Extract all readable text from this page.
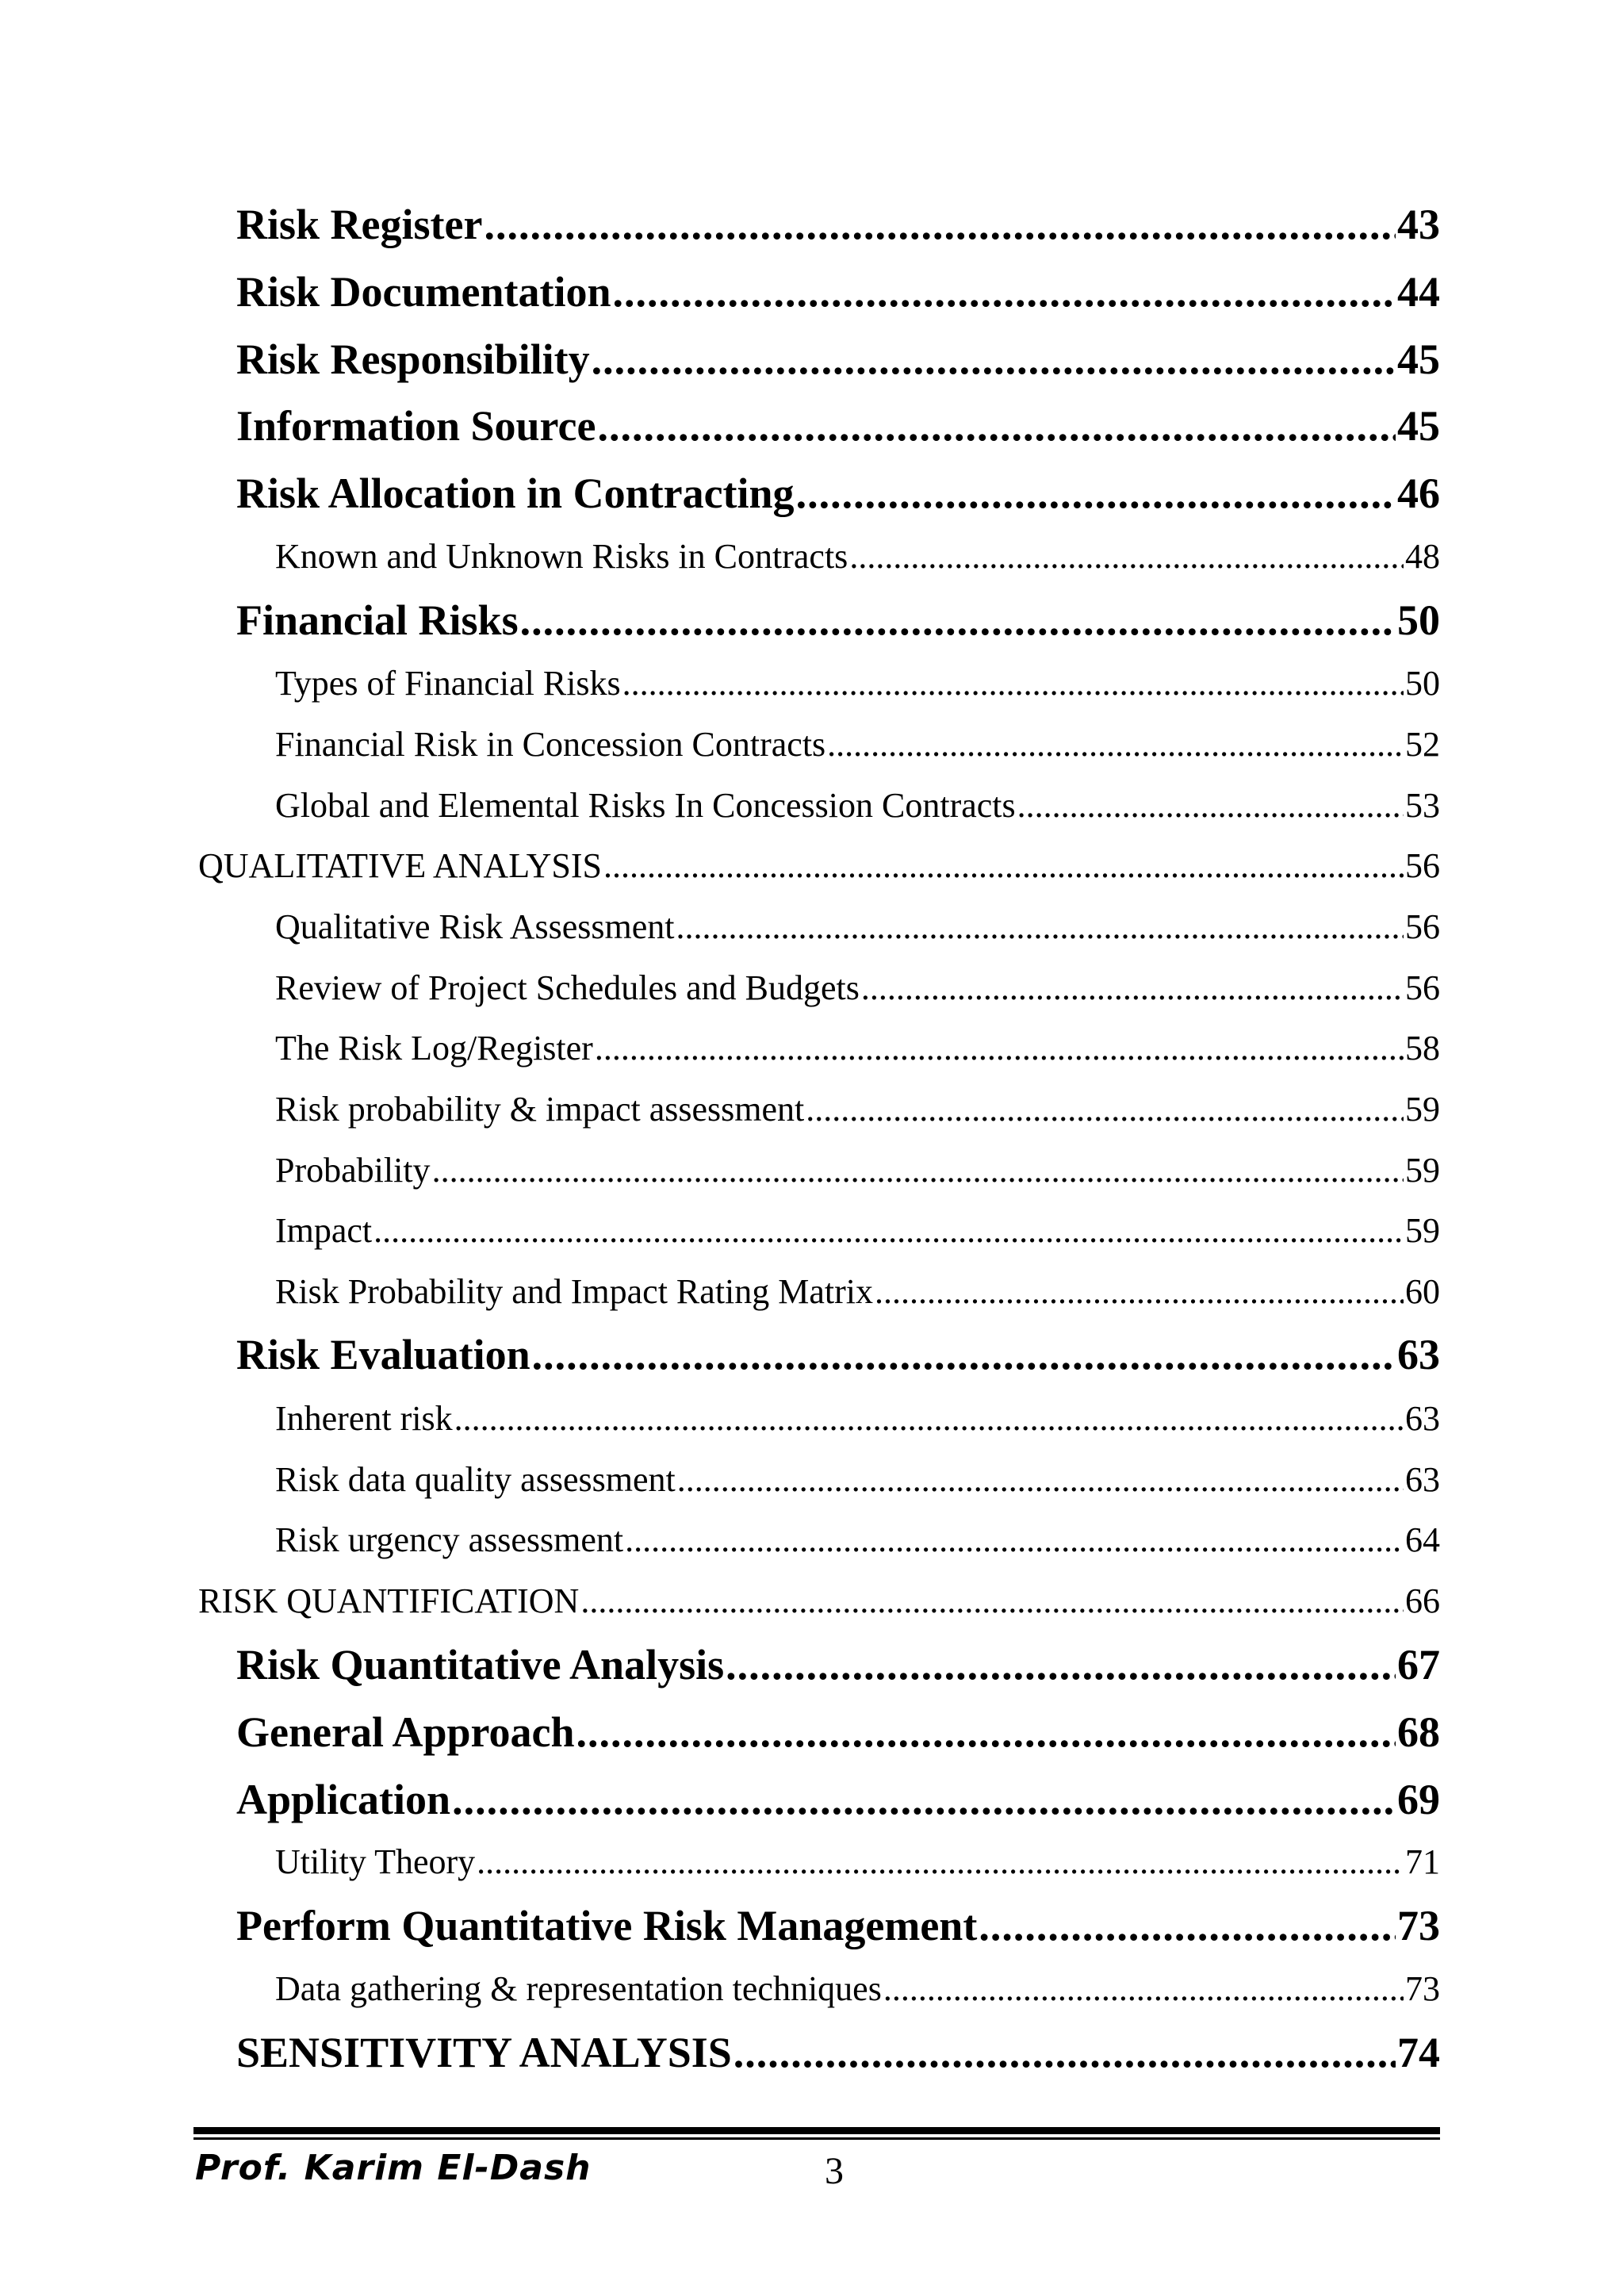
Risk Register .....	43
Risk Documentation .....	44
Risk Responsibility .....	45
Information Source .....	45
Risk Allocation in Contracting .....	46
Known and Unknown Risks in Contracts .....	48
Financial Risks .....	50
Types of Financial Risks .....	50
Financial Risk in Concession Contracts .....	52
Global and Elemental Risks In Concession Contracts .....	53
QUALITATIVE ANALYSIS .....	56
Qualitative Risk Assessment .....	56
Review of Project Schedules and Budgets .....	56
The Risk Log/Register .....	58
Risk probability & impact assessment .....	59
Probability .....	59
Impact .....	59
Risk Probability and Impact Rating Matrix .....	60
Risk Evaluation .....	63
Inherent risk .....	63
Risk data quality assessment .....	63
Risk urgency assessment .....	64
RISK QUANTIFICATION .....	66
Risk Quantitative Analysis .....	67
General Approach .....	68
Application .....	69
Utility Theory .....	71
Perform Quantitative Risk Management .....	73
Data gathering & representation techniques .....	73
SENSITIVITY ANALYSIS .....	74
Prof. Karim El-Dash	3
